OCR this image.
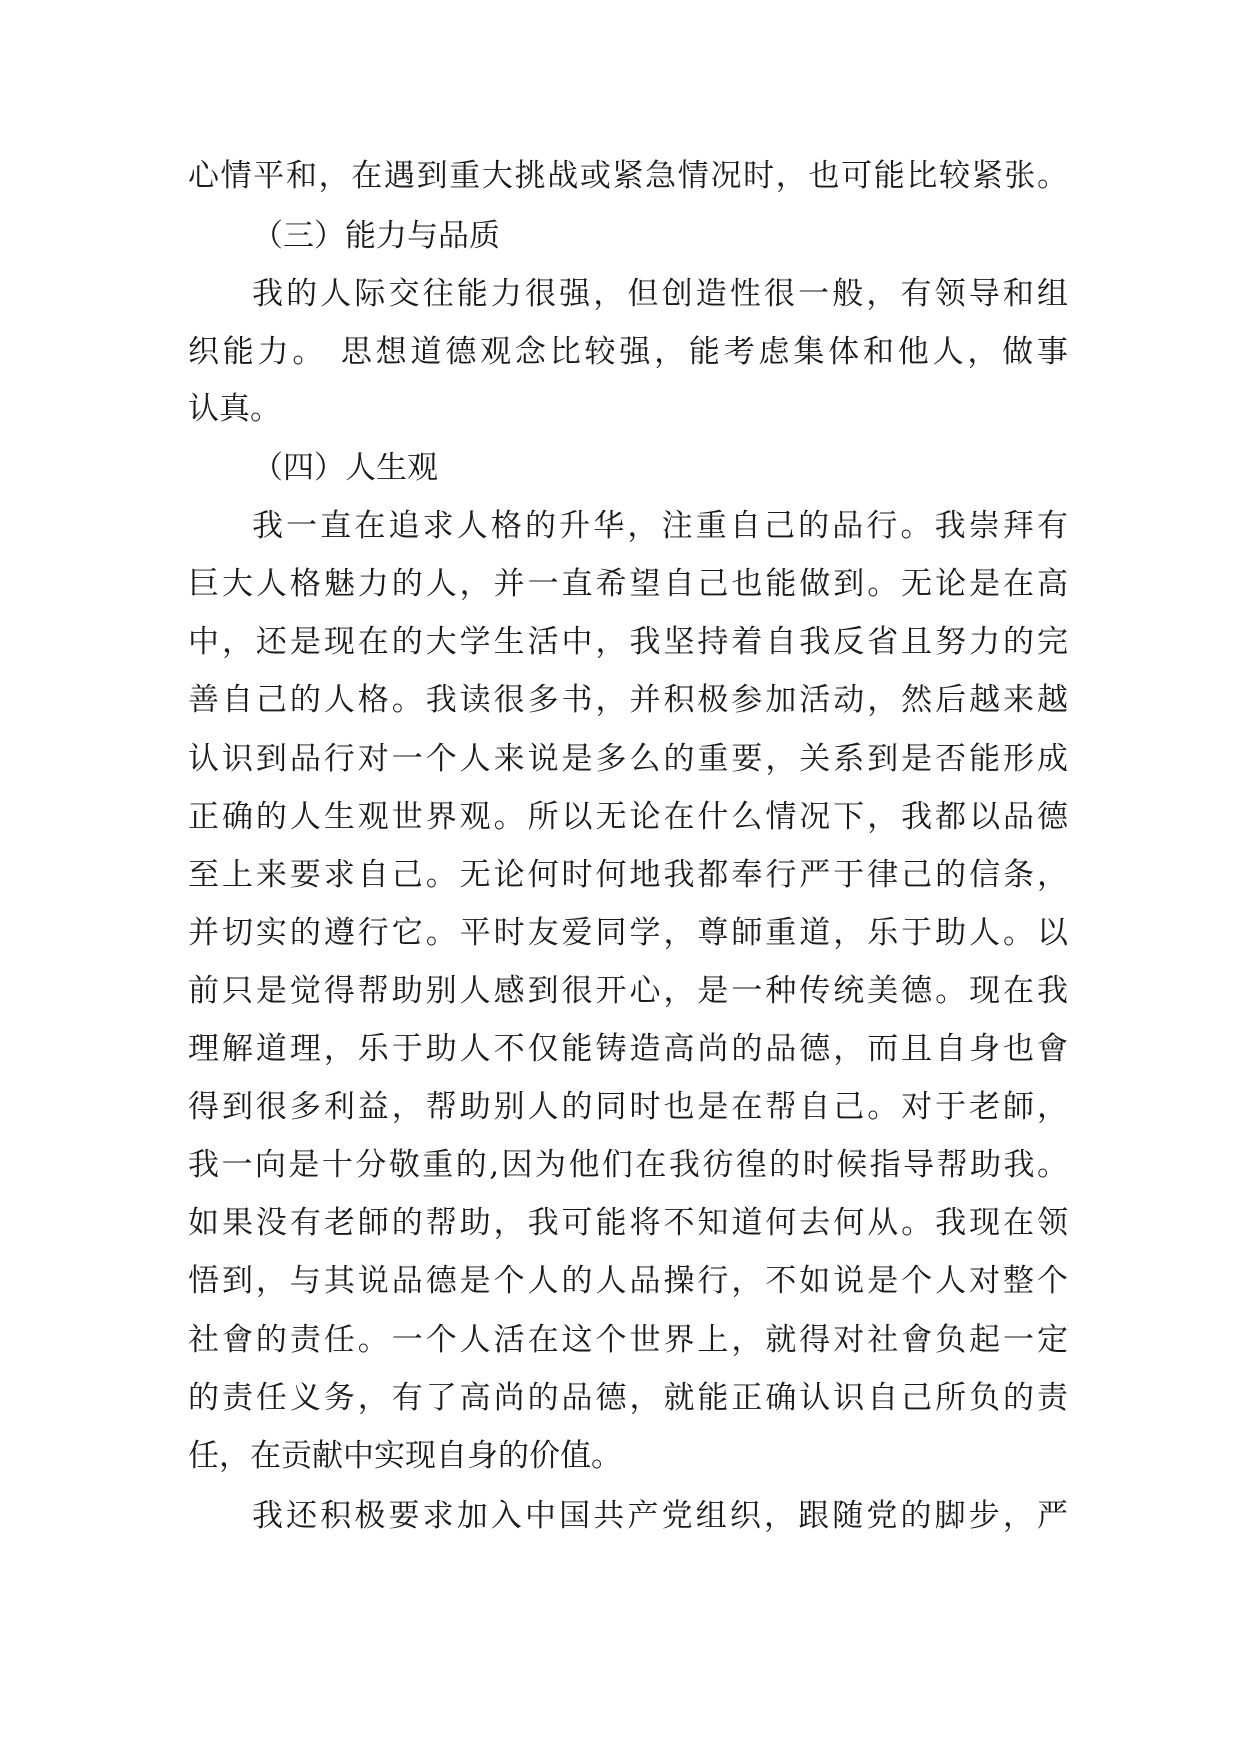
心情平和，在遇到重大挑战或紧急情况时，也可能比较紧张。

（三）能力与品质

我的人际交往能力很强，但创造性很一般，有领导和组

织能力。 思想道德观念比较强，能考虑集体和他人，做事

认真。

（四）人生观

我一直在追求人格的升华，注重自己的品行。我崇拜有

巨大人格魅力的人，并一直希望自己也能做到。无论是在高

中，还是现在的大学生活中，我坚持着自我反省且努力的完

善自己的人格。我读很多书，并积极参加活动，然后越来越

认识到品行对一个人来说是多么的重要，关系到是否能形成

正确的人生观世界观。所以无论在什么情况下，我都以品德

至上来要求自己。无论何时何地我都奉行严于律己的信条，

并切实的遵行它。平时友爱同学，尊師重道，乐于助人。以

前只是觉得帮助别人感到很开心，是一种传统美德。现在我

理解道理，乐于助人不仅能铸造高尚的品德，而且自身也會

得到很多利益，帮助别人的同时也是在帮自己。对于老師，

我一向是十分敬重的,因为他们在我彷徨的时候指导帮助我。

如果没有老師的帮助，我可能将不知道何去何从。我现在领

悟到，与其说品德是个人的人品操行，不如说是个人对整个

社會的责任。一个人活在这个世界上，就得对社會负起一定

的责任义务，有了高尚的品德，就能正确认识自己所负的责

任，在贡献中实现自身的价值。

我还积极要求加入中国共产党组织，跟随党的脚步，严
